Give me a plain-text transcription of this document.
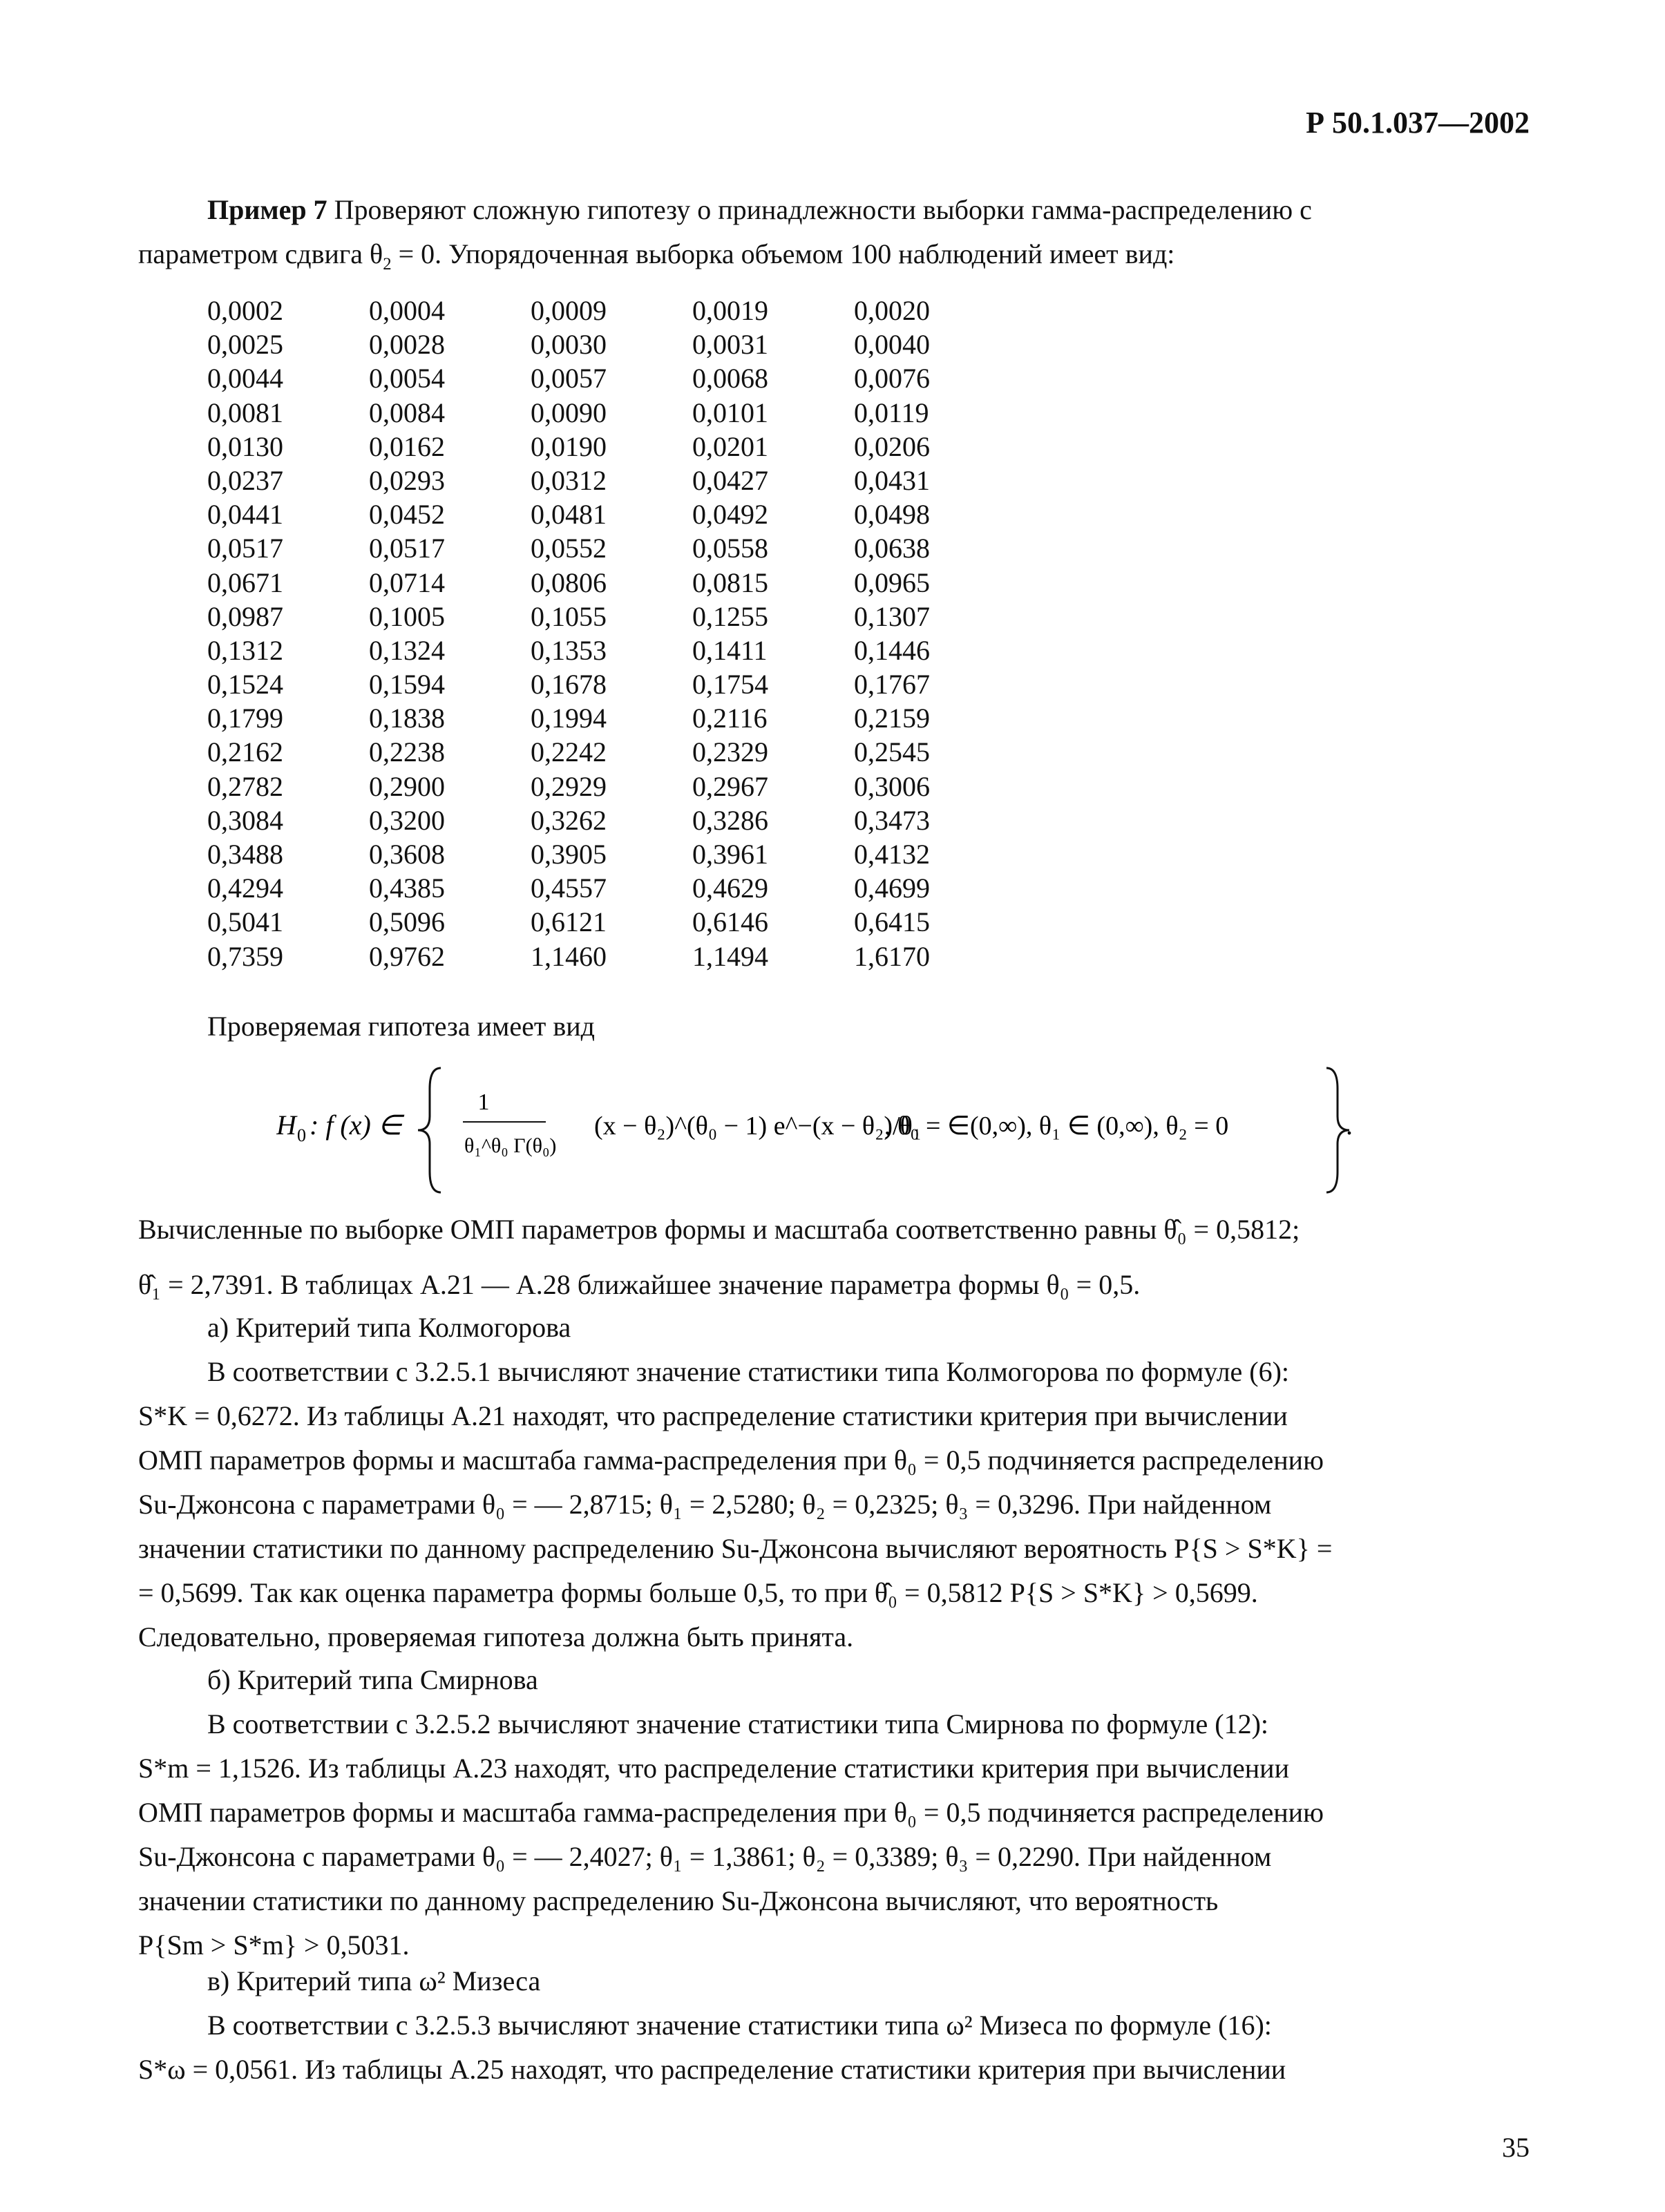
Р 50.1.037—2002
Пример 7 Проверяют сложную гипотезу о принадлежности выборки гамма-распределению с
параметром сдвига $\theta_2 = 0$. Упорядоченная выборка объемом 100 наблюдений имеет вид:
0,0002	0,0004	0,0009	0,0019	0,0020
0,0025	0,0028	0,0030	0,0031	0,0040
0,0044	0,0054	0,0057	0,0068	0,0076
0,0081	0,0084	0,0090	0,0101	0,0119
0,0130	0,0162	0,0190	0,0201	0,0206
0,0237	0,0293	0,0312	0,0427	0,0431
0,0441	0,0452	0,0481	0,0492	0,0498
0,0517	0,0517	0,0552	0,0558	0,0638
0,0671	0,0714	0,0806	0,0815	0,0965
0,0987	0,1005	0,1055	0,1255	0,1307
0,1312	0,1324	0,1353	0,1411	0,1446
0,1524	0,1594	0,1678	0,1754	0,1767
0,1799	0,1838	0,1994	0,2116	0,2159
0,2162	0,2238	0,2242	0,2329	0,2545
0,2782	0,2900	0,2929	0,2967	0,3006
0,3084	0,3200	0,3262	0,3286	0,3473
0,3488	0,3608	0,3905	0,3961	0,4132
0,4294	0,4385	0,4557	0,4629	0,4699
0,5041	0,5096	0,6121	0,6146	0,6415
0,7359	0,9762	1,1460	1,1494	1,6170
Проверяемая гипотеза имеет вид
H 0 : f (x) ∈
1
θ₁^θ₀ Γ(θ₀)
(x − θ₂)^(θ₀ − 1) e^−(x − θ₂)/θ₁
, θ₀ = ∈(0,∞), θ₁ ∈ (0,∞), θ₂ = 0	.
Вычисленные по выборке ОМП параметров формы и масштаба соответственно равны θ̂₀ = 0,5812;
θ̂₁ = 2,7391. В таблицах А.21 — А.28 ближайшее значение параметра формы θ₀ = 0,5.
а) Критерий типа Колмогорова
В соответствии с 3.2.5.1 вычисляют значение статистики типа Колмогорова по формуле (6):
S*K = 0,6272. Из таблицы А.21 находят, что распределение статистики критерия при вычислении
ОМП параметров формы и масштаба гамма-распределения при θ₀ = 0,5 подчиняется распределению
Su-Джонсона с параметрами θ₀ = — 2,8715; θ₁ = 2,5280; θ₂ = 0,2325; θ₃ = 0,3296. При найденном
значении статистики по данному распределению Su-Джонсона вычисляют вероятность P{S > S*K} =
= 0,5699. Так как оценка параметра формы больше 0,5, то при θ̂₀ = 0,5812 P{S > S*K} > 0,5699.
Следовательно, проверяемая гипотеза должна быть принята.
б) Критерий типа Смирнова
В соответствии с 3.2.5.2 вычисляют значение статистики типа Смирнова по формуле (12):
S*m = 1,1526. Из таблицы А.23 находят, что распределение статистики критерия при вычислении
ОМП параметров формы и масштаба гамма-распределения при θ₀ = 0,5 подчиняется распределению
Su-Джонсона с параметрами θ₀ = — 2,4027; θ₁ = 1,3861; θ₂ = 0,3389; θ₃ = 0,2290. При найденном
значении статистики по данному распределению Su-Джонсона вычисляют, что вероятность
P{Sm > S*m} > 0,5031.
в) Критерий типа ω² Мизеса
В соответствии с 3.2.5.3 вычисляют значение статистики типа ω² Мизеса по формуле (16):
S*ω = 0,0561. Из таблицы А.25 находят, что распределение статистики критерия при вычислении
35
